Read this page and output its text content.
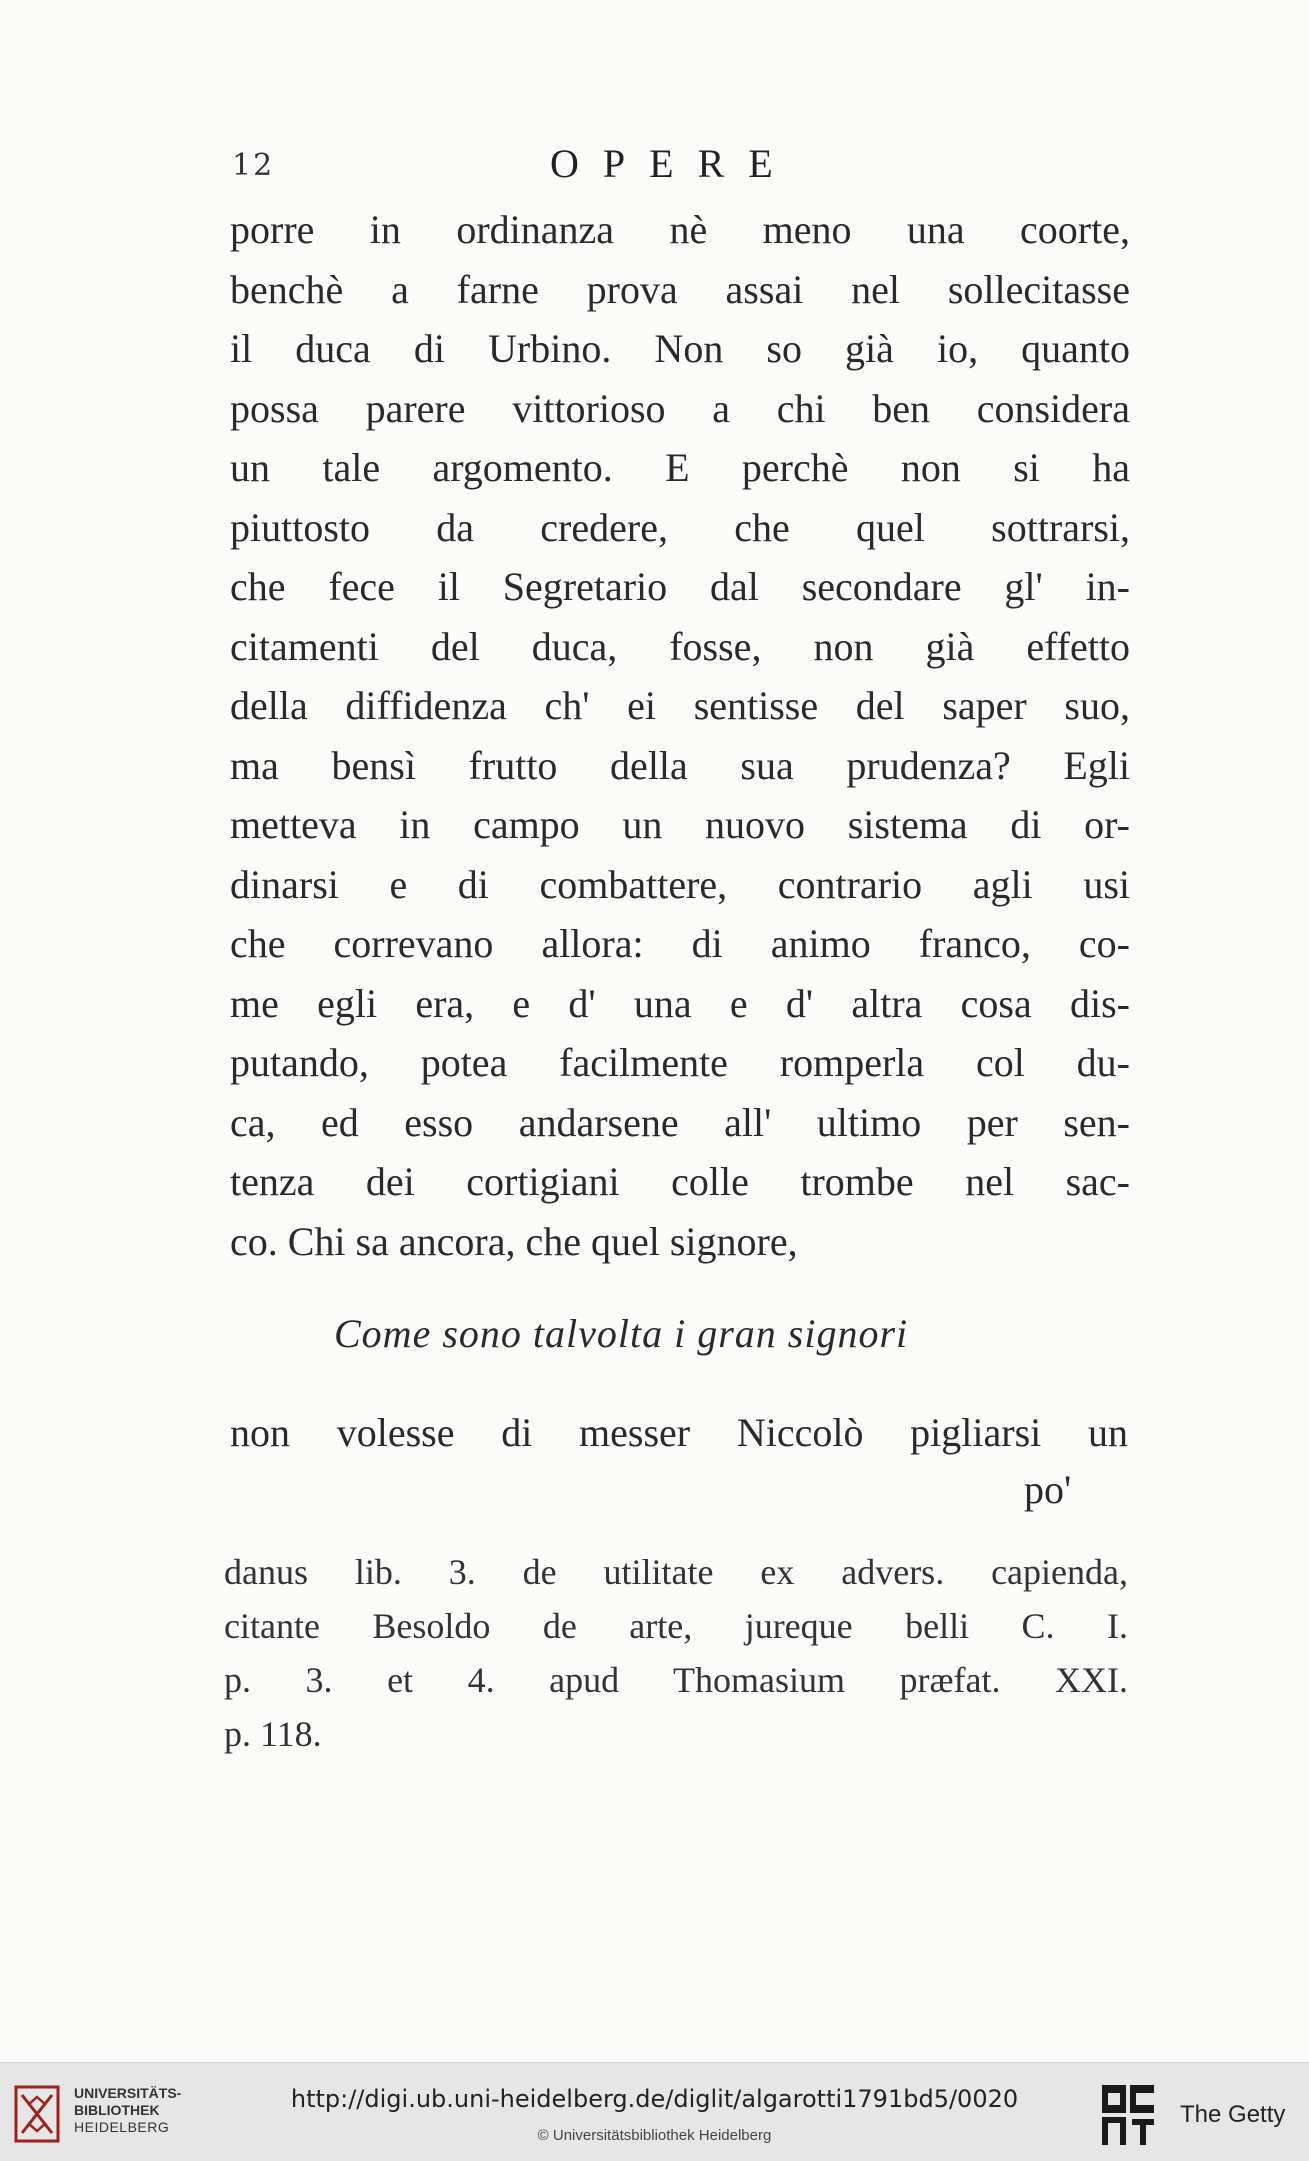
12	OPERE
porre in ordinanza nè meno una coorte,
benchè a farne prova assai nel sollecitasse
il duca di Urbino. Non so già io, quanto
possa parere vittorioso a chi ben considera
un tale argomento. E perchè non si ha
piuttosto da credere, che quel sottrarsi,
che fece il Segretario dal secondare gl' in-
citamenti del duca, fosse, non già effetto
della diffidenza ch' ei sentisse del saper suo,
ma bensì frutto della sua prudenza? Egli
metteva in campo un nuovo sistema di or-
dinarsi e di combattere, contrario agli usi
che correvano allora: di animo franco, co-
me egli era, e d' una e d' altra cosa dis-
putando, potea facilmente romperla col du-
ca, ed esso andarsene all' ultimo per sen-
tenza dei cortigiani colle trombe nel sac-
co. Chi sa ancora, che quel signore,
Come sono talvolta i gran signori
non volesse di messer Niccolò pigliarsi un
po'
danus lib. 3. de utilitate ex advers. capienda,
citante Besoldo de arte, jureque belli C. I.
p. 3. et 4. apud Thomasium præfat. XXI.
p. 118.
UNIVERSITÄTS-
BIBLIOTHEK
HEIDELBERG
http://digi.ub.uni-heidelberg.de/diglit/algarotti1791bd5/0020
© Universitätsbibliothek Heidelberg
The Getty
